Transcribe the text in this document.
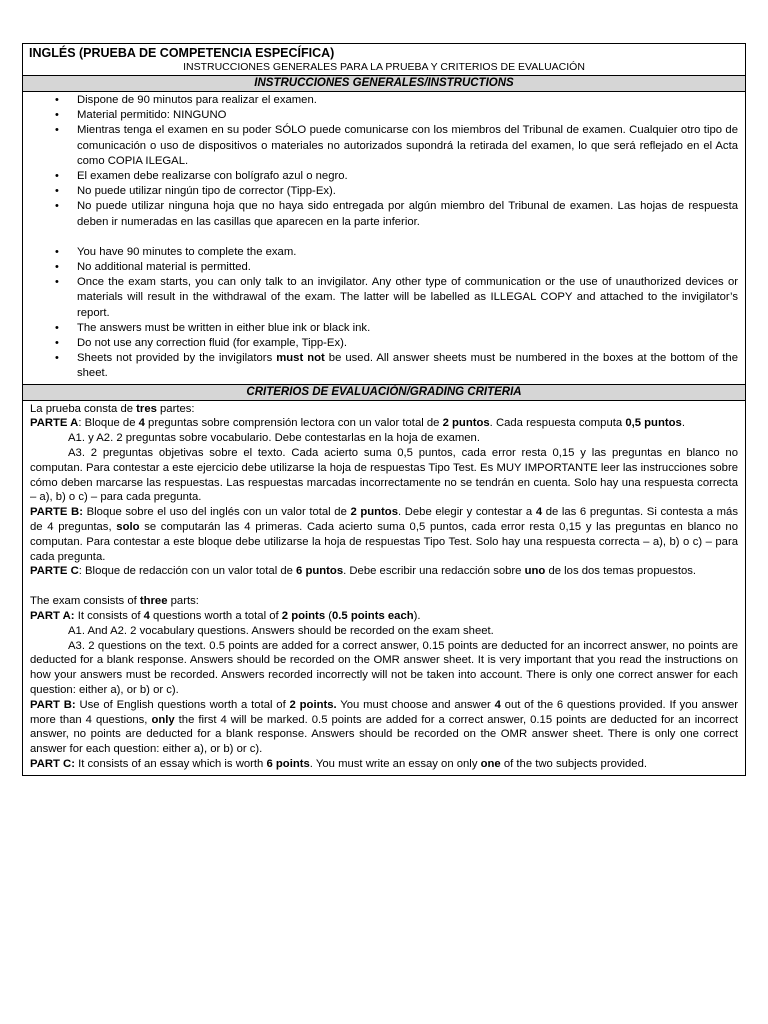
INGLÉS (PRUEBA DE COMPETENCIA ESPECÍFICA)
INSTRUCCIONES GENERALES PARA LA PRUEBA Y CRITERIOS DE EVALUACIÓN
INSTRUCCIONES GENERALES/INSTRUCTIONS
• Dispone de 90 minutos para realizar el examen.
• Material permitido: NINGUNO
• Mientras tenga el examen en su poder SÓLO puede comunicarse con los miembros del Tribunal de examen. Cualquier otro tipo de comunicación o uso de dispositivos o materiales no autorizados supondrá la retirada del examen, lo que será reflejado en el Acta como COPIA ILEGAL.
• El examen debe realizarse con bolígrafo azul o negro.
• No puede utilizar ningún tipo de corrector (Tipp-Ex).
• No puede utilizar ninguna hoja que no haya sido entregada por algún miembro del Tribunal de examen. Las hojas de respuesta deben ir numeradas en las casillas que aparecen en la parte inferior.
• You have 90 minutes to complete the exam.
• No additional material is permitted.
• Once the exam starts, you can only talk to an invigilator. Any other type of communication or the use of unauthorized devices or materials will result in the withdrawal of the exam. The latter will be labelled as ILLEGAL COPY and attached to the invigilator’s report.
• The answers must be written in either blue ink or black ink.
• Do not use any correction fluid (for example, Tipp-Ex).
• Sheets not provided by the invigilators must not be used. All answer sheets must be numbered in the boxes at the bottom of the sheet.
CRITERIOS DE EVALUACIÓN/GRADING CRITERIA

La prueba consta de tres partes:

PARTE A: Bloque de 4 preguntas sobre comprensión lectora con un valor total de 2 puntos. Cada respuesta computa 0,5 puntos.

A1. y A2. 2 preguntas sobre vocabulario. Debe contestarlas en la hoja de examen.

A3. 2 preguntas objetivas sobre el texto. Cada acierto suma 0,5 puntos, cada error resta 0,15 y las preguntas en blanco no computan. Para contestar a este ejercicio debe utilizarse la hoja de respuestas Tipo Test. Es MUY IMPORTANTE leer las instrucciones sobre cómo deben marcarse las respuestas. Las respuestas marcadas incorrectamente no se tendrán en cuenta. Solo hay una respuesta correcta – a), b) o c) – para cada pregunta.

PARTE B: Bloque sobre el uso del inglés con un valor total de 2 puntos. Debe elegir y contestar a 4 de las 6 preguntas. Si contesta a más de 4 preguntas, solo se computarán las 4 primeras. Cada acierto suma 0,5 puntos, cada error resta 0,15 y las preguntas en blanco no computan. Para contestar a este bloque debe utilizarse la hoja de respuestas Tipo Test. Solo hay una respuesta correcta – a), b) o c) – para cada pregunta.

PARTE C: Bloque de redacción con un valor total de 6 puntos. Debe escribir una redacción sobre uno de los dos temas propuestos.

The exam consists of three parts:

PART A: It consists of 4 questions worth a total of 2 points (0.5 points each).

A1. And A2. 2 vocabulary questions. Answers should be recorded on the exam sheet.

A3. 2 questions on the text. 0.5 points are added for a correct answer, 0.15 points are deducted for an incorrect answer, no points are deducted for a blank response. Answers should be recorded on the OMR answer sheet. It is very important that you read the instructions on how your answers must be recorded. Answers recorded incorrectly will not be taken into account. There is only one correct answer for each question: either a), or b) or c).

PART B: Use of English questions worth a total of 2 points. You must choose and answer 4 out of the 6 questions provided. If you answer more than 4 questions, only the first 4 will be marked. 0.5 points are added for a correct answer, 0.15 points are deducted for an incorrect answer, no points are deducted for a blank response. Answers should be recorded on the OMR answer sheet. There is only one correct answer for each question: either a), or b) or c).

PART C: It consists of an essay which is worth 6 points. You must write an essay on only one of the two subjects provided.
